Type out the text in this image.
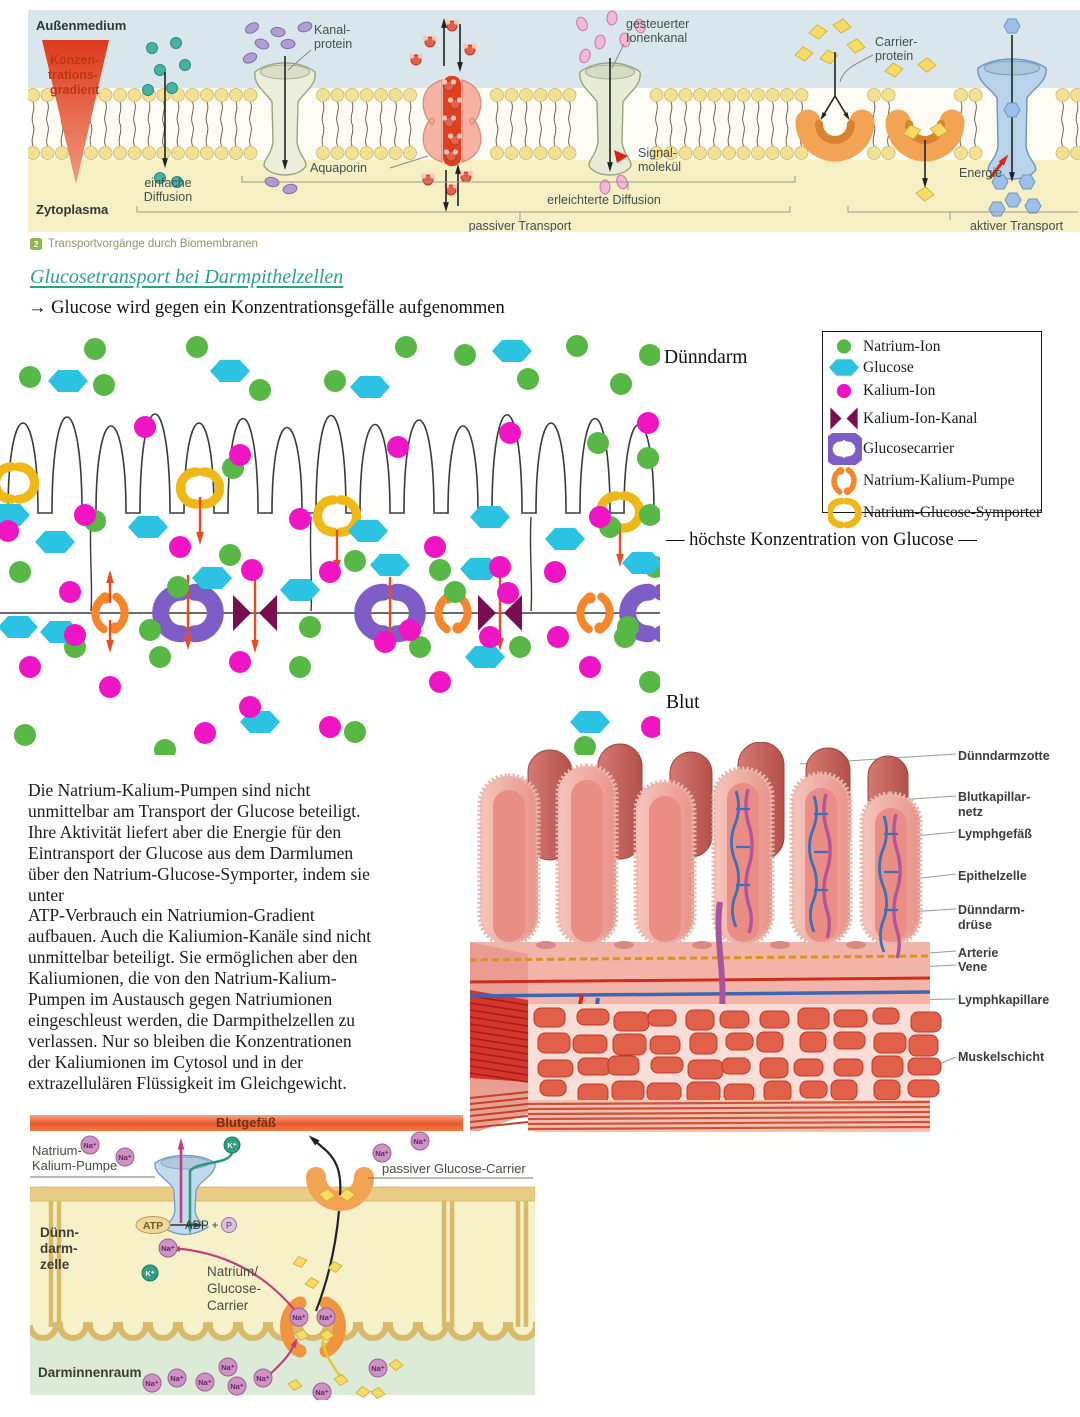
Konzen-
trations-
gradient
Außenmedium
Zytoplasma
einfache
Diffusion
Kanal-
protein
Aquaporin
gesteuerter
Ionenkanal
Signal-
molekül
Carrier-
protein
Energie
erleichterte Diffusion
passiver Transport	aktiver Transport
2 Transportvorgänge durch Biomembranen
Glucosetransport bei Darmpithelzellen
→ Glucose wird gegen ein Konzentrationsgefälle aufgenommen
Dünndarm
— höchste Konzentration von Glucose —
Blut
Natrium-Ion
Glucose
Kalium-Ion
Kalium-Ion-Kanal
Glucosecarrier
Natrium-Kalium-Pumpe
Natrium-Glucose-Symporter
Die Natrium-Kalium-Pumpen sind nicht
unmittelbar am Transport der Glucose beteiligt.
Ihre Aktivität liefert aber die Energie für den
Eintransport der Glucose aus dem Darmlumen
über den Natrium-Glucose-Symporter, indem sie
unter
ATP-Verbrauch ein Natriumion-Gradient
aufbauen. Auch die Kaliumion-Kanäle sind nicht
unmittelbar beteiligt. Sie ermöglichen aber den
Kaliumionen, die von den Natrium-Kalium-
Pumpen im Austausch gegen Natriumionen
eingeschleust werden, die Darmpithelzellen zu
verlassen. Nur so bleiben die Konzentrationen
der Kaliumionen im Cytosol und in der
extrazellulären Flüssigkeit im Gleichgewicht.
Blutgefäß
Na⁺
Na⁺	Na⁺
Na⁺
K⁺
Na⁺
K⁺
Na⁺ Na⁺
Na⁺
Na⁺ Na⁺ Na⁺
Na⁺
Na⁺
Na⁺
Na⁺
Natrium-
Kalium-Pumpe	passiver Glucose-Carrier
Dünn-
darm-
zelle
ATP ADP + P
Natrium/
Glucose-
Carrier
Darminnenraum
Dünndarmzotte
Blutkapillar-
netz
Lymphgefäß
Epithelzelle
Dünndarm-
drüse
Arterie
Vene
Lymphkapillare
Muskelschicht
